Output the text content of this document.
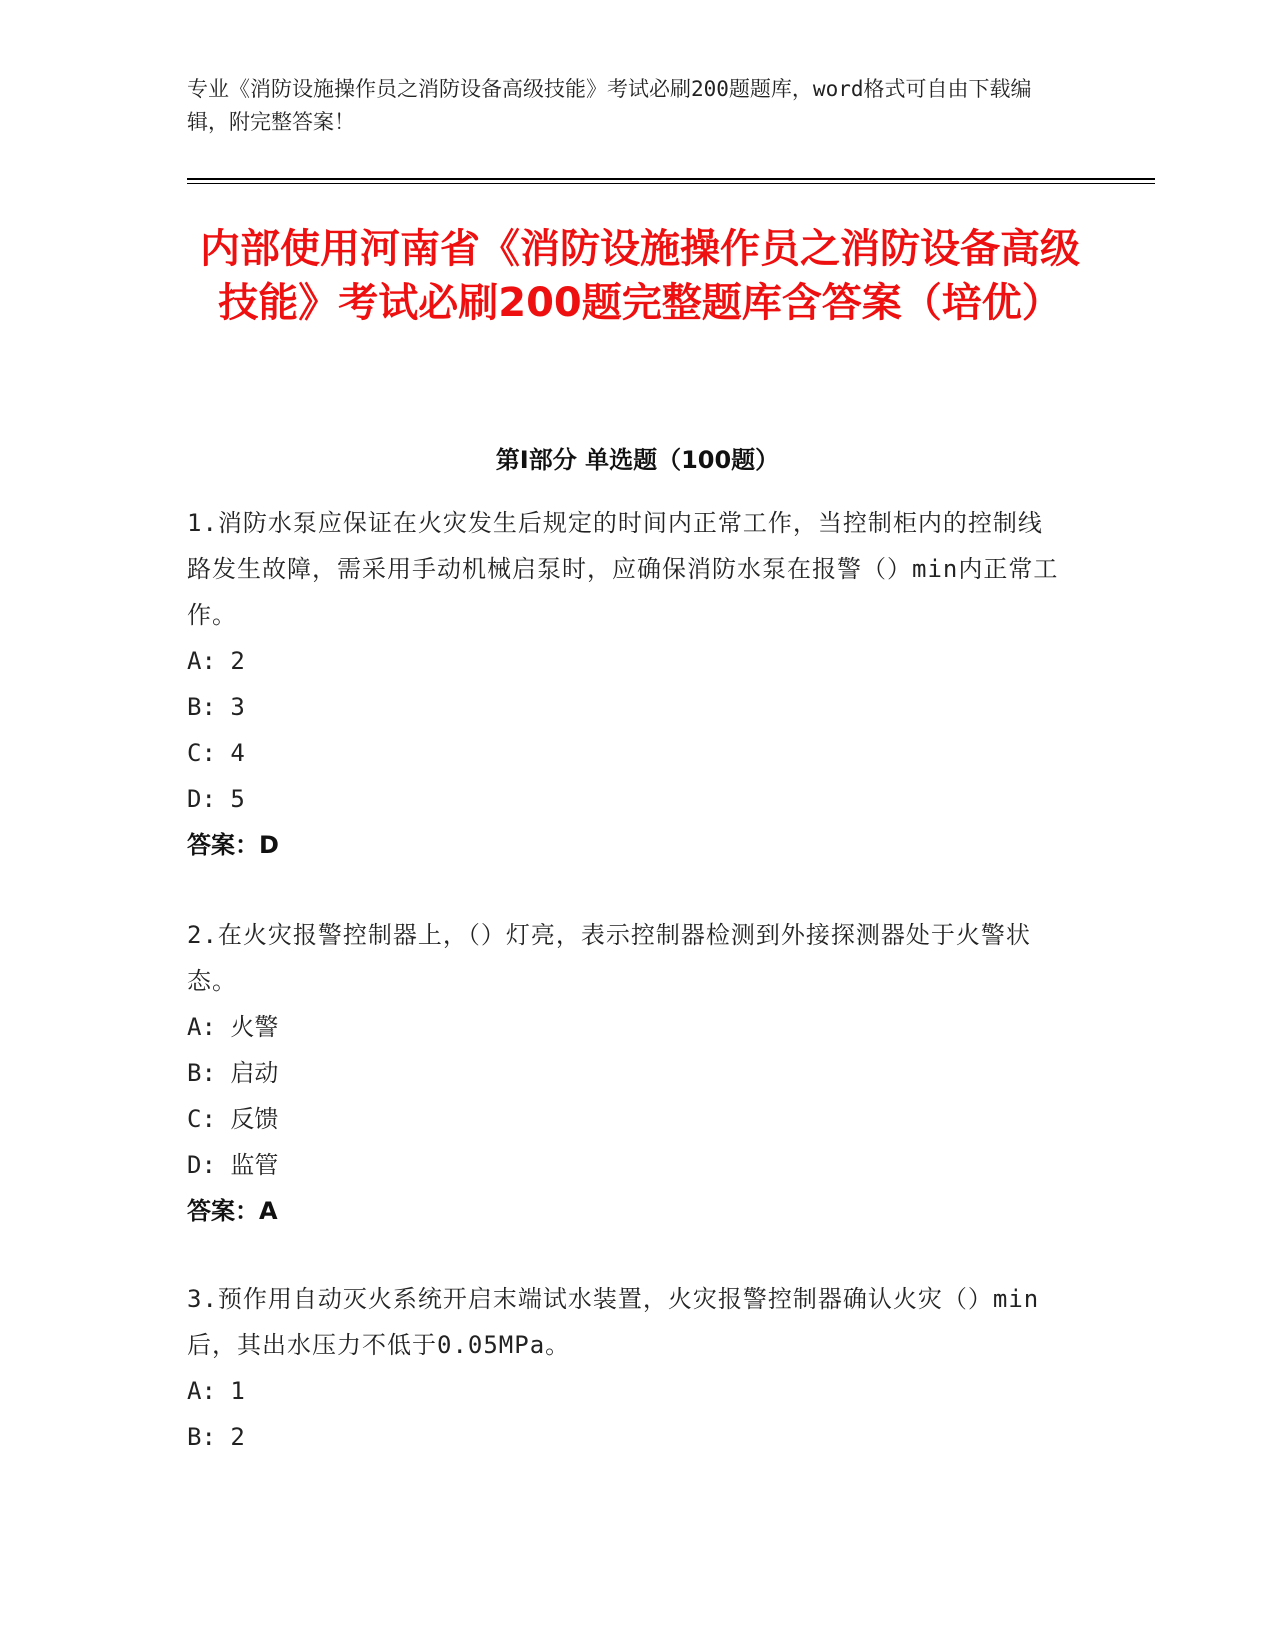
专业《消防设施操作员之消防设备高级技能》考试必刷200题题库，word格式可自由下载编辑，附完整答案！
内部使用河南省《消防设施操作员之消防设备高级技能》考试必刷200题完整题库含答案（培优）
第I部分 单选题（100题）
1.消防水泵应保证在火灾发生后规定的时间内正常工作，当控制柜内的控制线路发生故障，需采用手动机械启泵时，应确保消防水泵在报警（）min内正常工作。
A: 2
B: 3
C: 4
D: 5
答案：D
2.在火灾报警控制器上，（）灯亮，表示控制器检测到外接探测器处于火警状态。
A: 火警
B: 启动
C: 反馈
D: 监管
答案：A
3.预作用自动灭火系统开启末端试水装置，火灾报警控制器确认火灾（）min后，其出水压力不低于0.05MPa。
A: 1
B: 2
